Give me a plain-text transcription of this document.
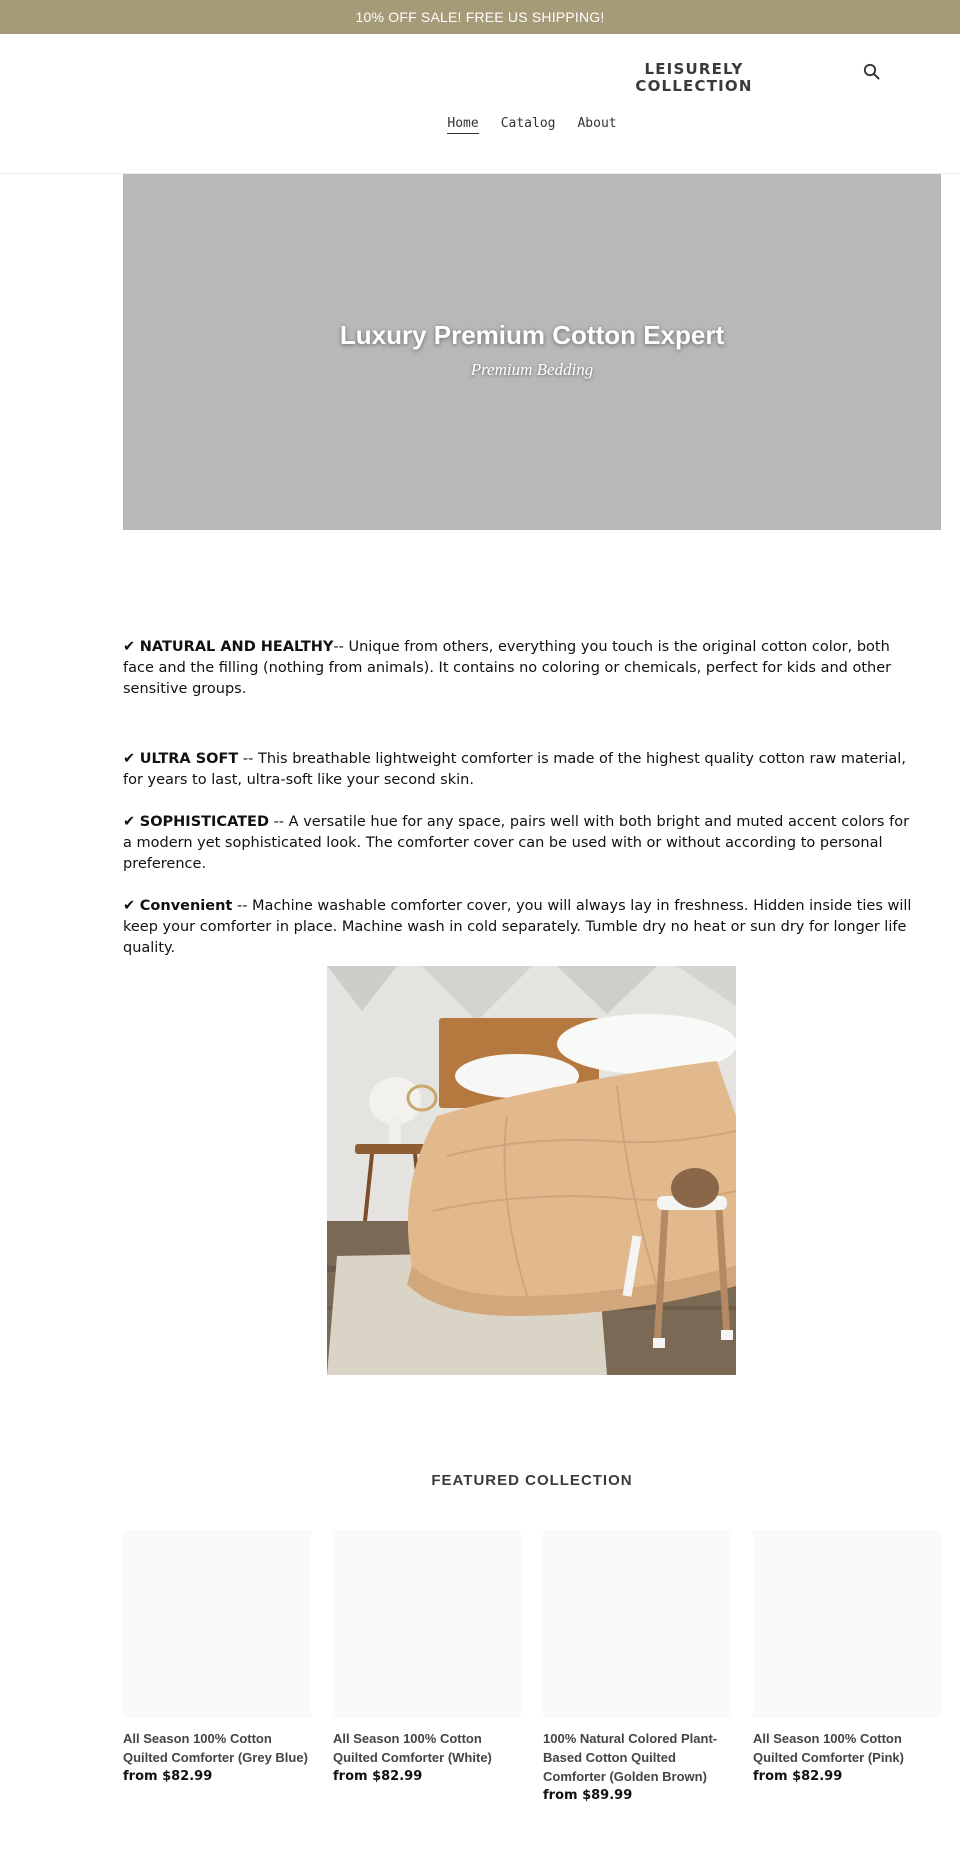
10% OFF SALE! FREE US SHIPPING!
LEISURELY
COLLECTION
Home Catalog About
Luxury Premium Cotton Expert
Premium Bedding

✔ NATURAL AND HEALTHY-- Unique from others, everything you touch is the original cotton color, both face and the filling (nothing from animals). It contains no coloring or chemicals, perfect for kids and other sensitive groups.

✔ ULTRA SOFT -- This breathable lightweight comforter is made of the highest quality cotton raw material, for years to last, ultra-soft like your second skin.

✔ SOPHISTICATED -- A versatile hue for any space, pairs well with both bright and muted accent colors for a modern yet sophisticated look. The comforter cover can be used with or without according to personal preference.

✔ Convenient -- Machine washable comforter cover, you will always lay in freshness. Hidden inside ties will keep your comforter in place. Machine wash in cold separately. Tumble dry no heat or sun dry for longer life quality.

FEATURED COLLECTION
All Season 100% Cotton Quilted Comforter (Grey Blue)
from $82.99
All Season 100% Cotton Quilted Comforter (White)
from $82.99
100% Natural Colored Plant-Based Cotton Quilted Comforter (Golden Brown)
from $89.99
All Season 100% Cotton Quilted Comforter (Pink)
from $82.99
